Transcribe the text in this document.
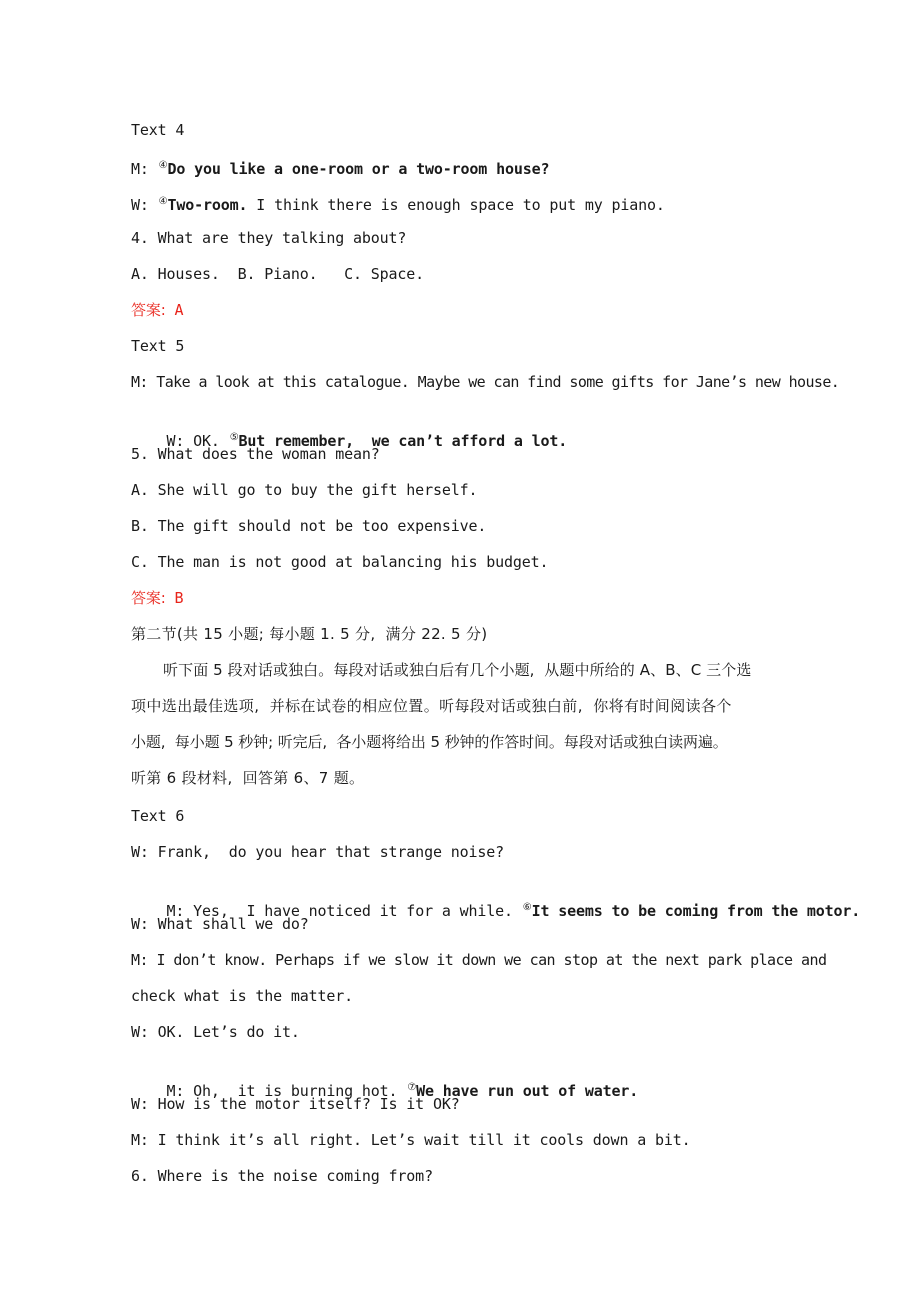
Text 4
M: ④Do you like a one-room or a two-room house?
W: ④Two-room. I think there is enough space to put my piano.
4. What are they talking about?
A. Houses.  B. Piano.   C. Space.
答案: A
Text 5
M: Take a look at this catalogue. Maybe we can find some gifts for Jane’s new house.

W: OK. ⑤But remember,  we can’t afford a lot.

5. What does the woman mean?
A. She will go to buy the gift herself.
B. The gift should not be too expensive.
C. The man is not good at balancing his budget.
答案: B
第二节(共 15 小题; 每小题 1. 5 分,  满分 22. 5 分)
听下面 5 段对话或独白。每段对话或独白后有几个小题,  从题中所给的 A、B、C 三个选
项中选出最佳选项,  并标在试卷的相应位置。听每段对话或独白前,  你将有时间阅读各个
小题,  每小题 5 秒钟; 听完后,  各小题将给出 5 秒钟的作答时间。每段对话或独白读两遍。
听第 6 段材料,  回答第 6、7 题。
Text 6
W: Frank,  do you hear that strange noise?

M: Yes,  I have noticed it for a while. ⑥It seems to be coming from the motor.

W: What shall we do?
M: I don’t know. Perhaps if we slow it down we can stop at the next park place and
check what is the matter.
W: OK. Let’s do it.

M: Oh,  it is burning hot. ⑦We have run out of water.

W: How is the motor itself? Is it OK?
M: I think it’s all right. Let’s wait till it cools down a bit.
6. Where is the noise coming from?
